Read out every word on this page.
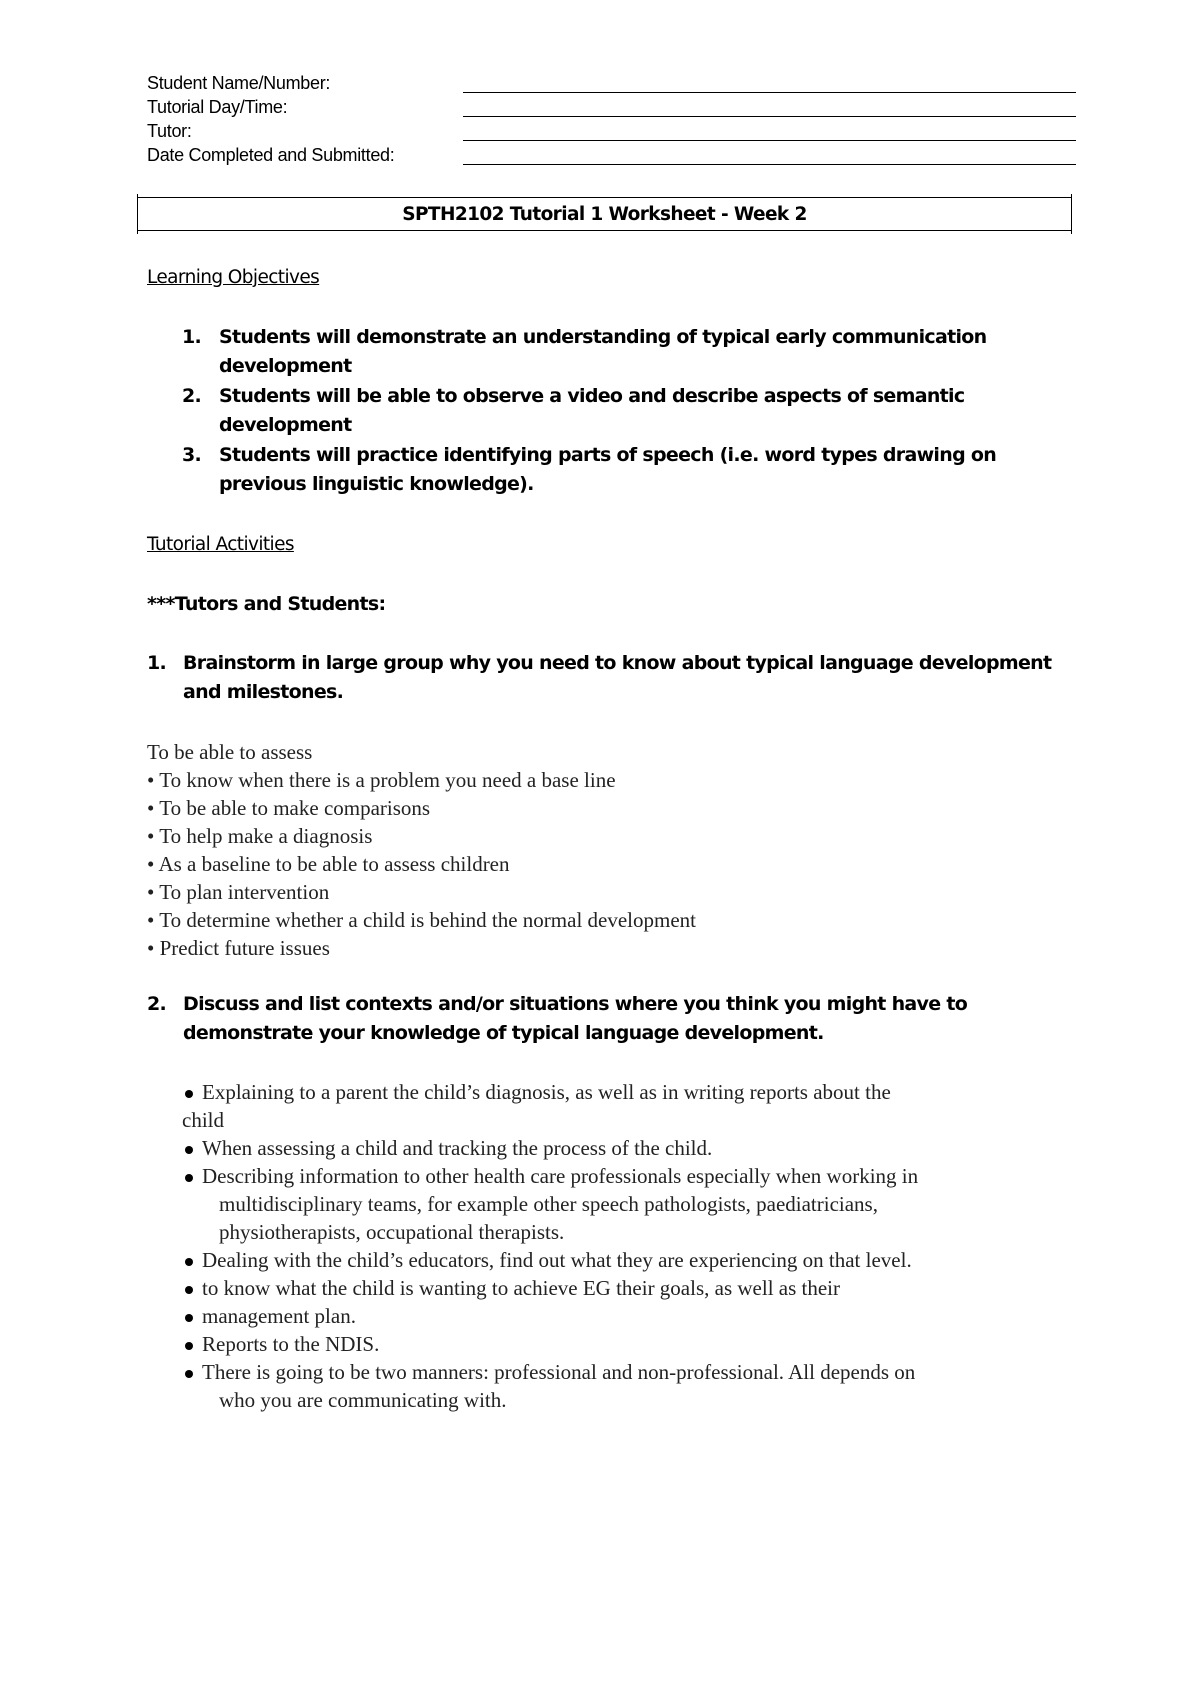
Student Name/Number:
Tutorial Day/Time:
Tutor:
Date Completed and Submitted:
SPTH2102 Tutorial 1 Worksheet - Week 2
Learning Objectives
1. Students will demonstrate an understanding of typical early communication
development
2. Students will be able to observe a video and describe aspects of semantic
development
3. Students will practice identifying parts of speech (i.e. word types drawing on
previous linguistic knowledge).
Tutorial Activities
***Tutors and Students:
1. Brainstorm in large group why you need to know about typical language development
and milestones.
To be able to assess
• To know when there is a problem you need a base line
• To be able to make comparisons
• To help make a diagnosis
• As a baseline to be able to assess children
• To plan intervention
• To determine whether a child is behind the normal development
• Predict future issues
2. Discuss and list contexts and/or situations where you think you might have to
demonstrate your knowledge of typical language development.
Explaining to a parent the child’s diagnosis, as well as in writing reports about the
child
When assessing a child and tracking the process of the child.
Describing information to other health care professionals especially when working in
multidisciplinary teams, for example other speech pathologists, paediatricians,
physiotherapists, occupational therapists.
Dealing with the child’s educators, find out what they are experiencing on that level.
to know what the child is wanting to achieve EG their goals, as well as their
management plan.
Reports to the NDIS.
There is going to be two manners: professional and non-professional. All depends on
who you are communicating with.
